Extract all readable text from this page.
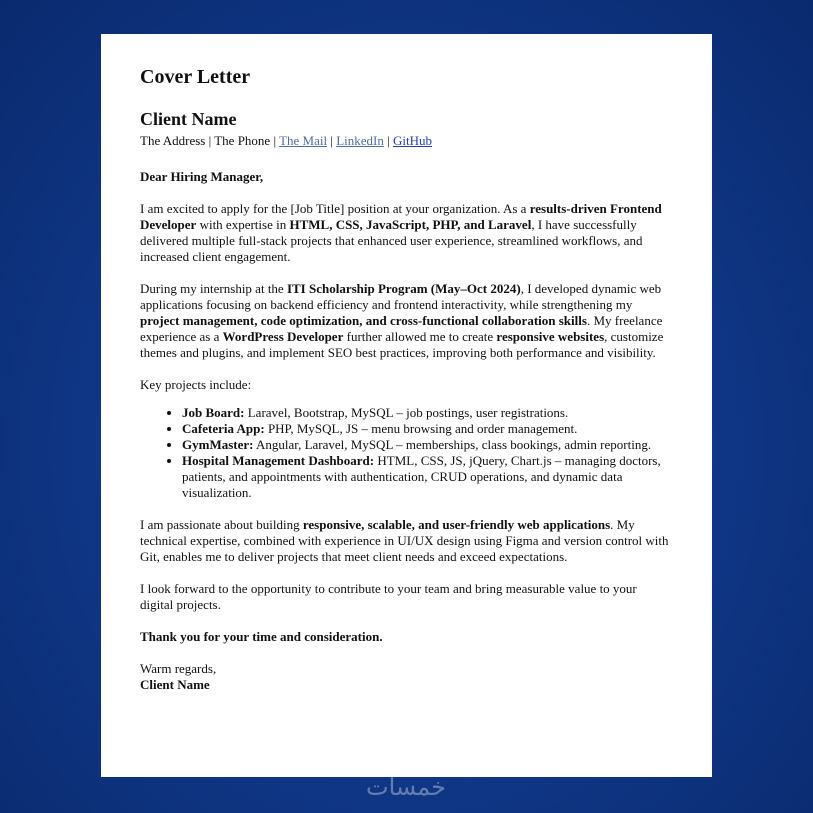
Cover Letter
Client Name
The Address | The Phone | The Mail | LinkedIn | GitHub

Dear Hiring Manager,

I am excited to apply for the [Job Title] position at your organization. As a results-driven Frontend Developer with expertise in HTML, CSS, JavaScript, PHP, and Laravel, I have successfully delivered multiple full-stack projects that enhanced user experience, streamlined workflows, and increased client engagement.

During my internship at the ITI Scholarship Program (May–Oct 2024), I developed dynamic web applications focusing on backend efficiency and frontend interactivity, while strengthening my project management, code optimization, and cross-functional collaboration skills. My freelance experience as a WordPress Developer further allowed me to create responsive websites, customize themes and plugins, and implement SEO best practices, improving both performance and visibility.

Key projects include:

• Job Board: Laravel, Bootstrap, MySQL – job postings, user registrations.
• Cafeteria App: PHP, MySQL, JS – menu browsing and order management.
• GymMaster: Angular, Laravel, MySQL – memberships, class bookings, admin reporting.
• Hospital Management Dashboard: HTML, CSS, JS, jQuery, Chart.js – managing doctors, patients, and appointments with authentication, CRUD operations, and dynamic data visualization.

I am passionate about building responsive, scalable, and user-friendly web applications. My technical expertise, combined with experience in UI/UX design using Figma and version control with Git, enables me to deliver projects that meet client needs and exceed expectations.

I look forward to the opportunity to contribute to your team and bring measurable value to your digital projects.

Thank you for your time and consideration.

Warm regards,

Client Name

خمسات
